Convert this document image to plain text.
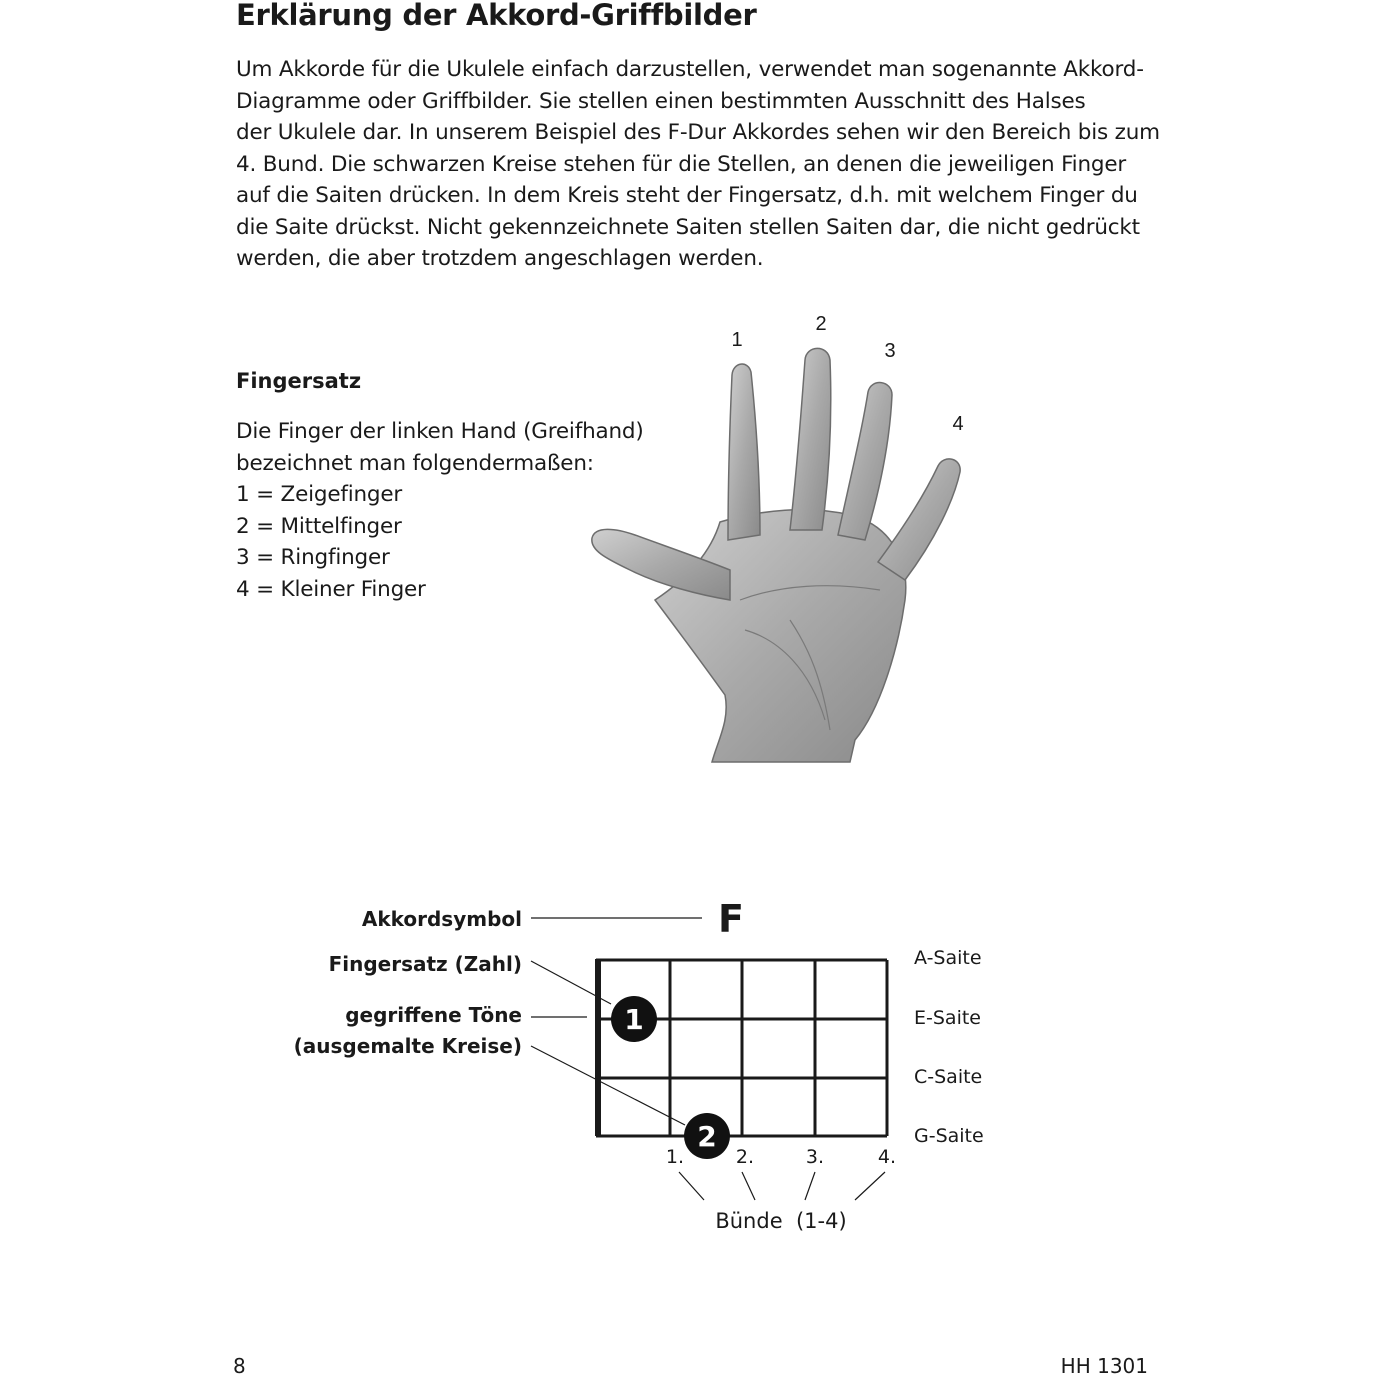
Erklärung der Akkord-Griffbilder
Um Akkorde für die Ukulele einfach darzustellen, verwendet man sogenannte Akkord-
Diagramme oder Griffbilder. Sie stellen einen bestimmten Ausschnitt des Halses
der Ukulele dar. In unserem Beispiel des F-Dur Akkordes sehen wir den Bereich bis zum
4. Bund. Die schwarzen Kreise stehen für die Stellen, an denen die jeweiligen Finger
auf die Saiten drücken. In dem Kreis steht der Fingersatz, d.h. mit welchem Finger du
die Saite drückst. Nicht gekennzeichnete Saiten stellen Saiten dar, die nicht gedrückt
werden, die aber trotzdem angeschlagen werden.
Fingersatz
Die Finger der linken Hand (Greifhand)
bezeichnet man folgendermaßen:
1 = Zeigefinger
2 = Mittelfinger
3 = Ringfinger
4 = Kleiner Finger
1
2
3
4
Akkordsymbol	F
Fingersatz (Zahl)
gegriffene Töne
(ausgemalte Kreise)
1
2
A-Saite
E-Saite
C-Saite
G-Saite
1.	2.	3.	4.
Bünde  (1-4)
8	HH 1301
